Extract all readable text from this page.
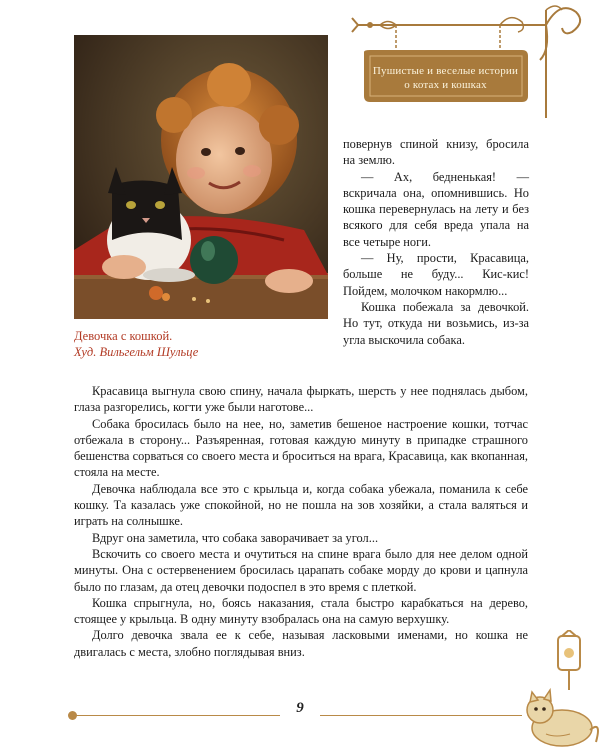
Девочка с кошкой.
Худ. Вильгельм Шульце
Пушистые и веселые истории
о котах и кошках

повернув спиной книзу, бросила на землю.

— Ах, бедненькая! — вскричала она, опомнившись. Но кошка перевернулась на лету и без всякого для себя вреда упала на все четыре ноги.

— Ну, прости, Красавица, больше не буду... Кис-кис! Пойдем, молочком накормлю...

Кошка побежала за девочкой. Но тут, откуда ни возьмись, из-за угла выскочила собака.

Красавица выгнула свою спину, начала фыркать, шерсть у нее поднялась дыбом, глаза разгорелись, когти уже были наготове...

Собака бросилась было на нее, но, заметив бешеное настроение кошки, тотчас отбежала в сторону... Разъяренная, готовая каждую минуту в припадке страшного бешенства сорваться со своего места и броситься на врага, Красавица, как вкопанная, стояла на месте.

Девочка наблюдала все это с крыльца и, когда собака убежала, поманила к себе кошку. Та казалась уже спокойной, но не пошла на зов хозяйки, а стала валяться и играть на солнышке.

Вдруг она заметила, что собака заворачивает за угол...

Вскочить со своего места и очутиться на спине врага было для нее делом одной минуты. Она с остервенением бросилась царапать собаке морду до крови и цапнула было по глазам, да отец девочки подоспел в это время с плеткой.

Кошка спрыгнула, но, боясь наказания, стала быстро карабкаться на дерево, стоящее у крыльца. В одну минуту взобралась она на самую верхушку.

Долго девочка звала ее к себе, называя ласковыми именами, но кошка не двигалась с места, злобно поглядывая вниз.

9
